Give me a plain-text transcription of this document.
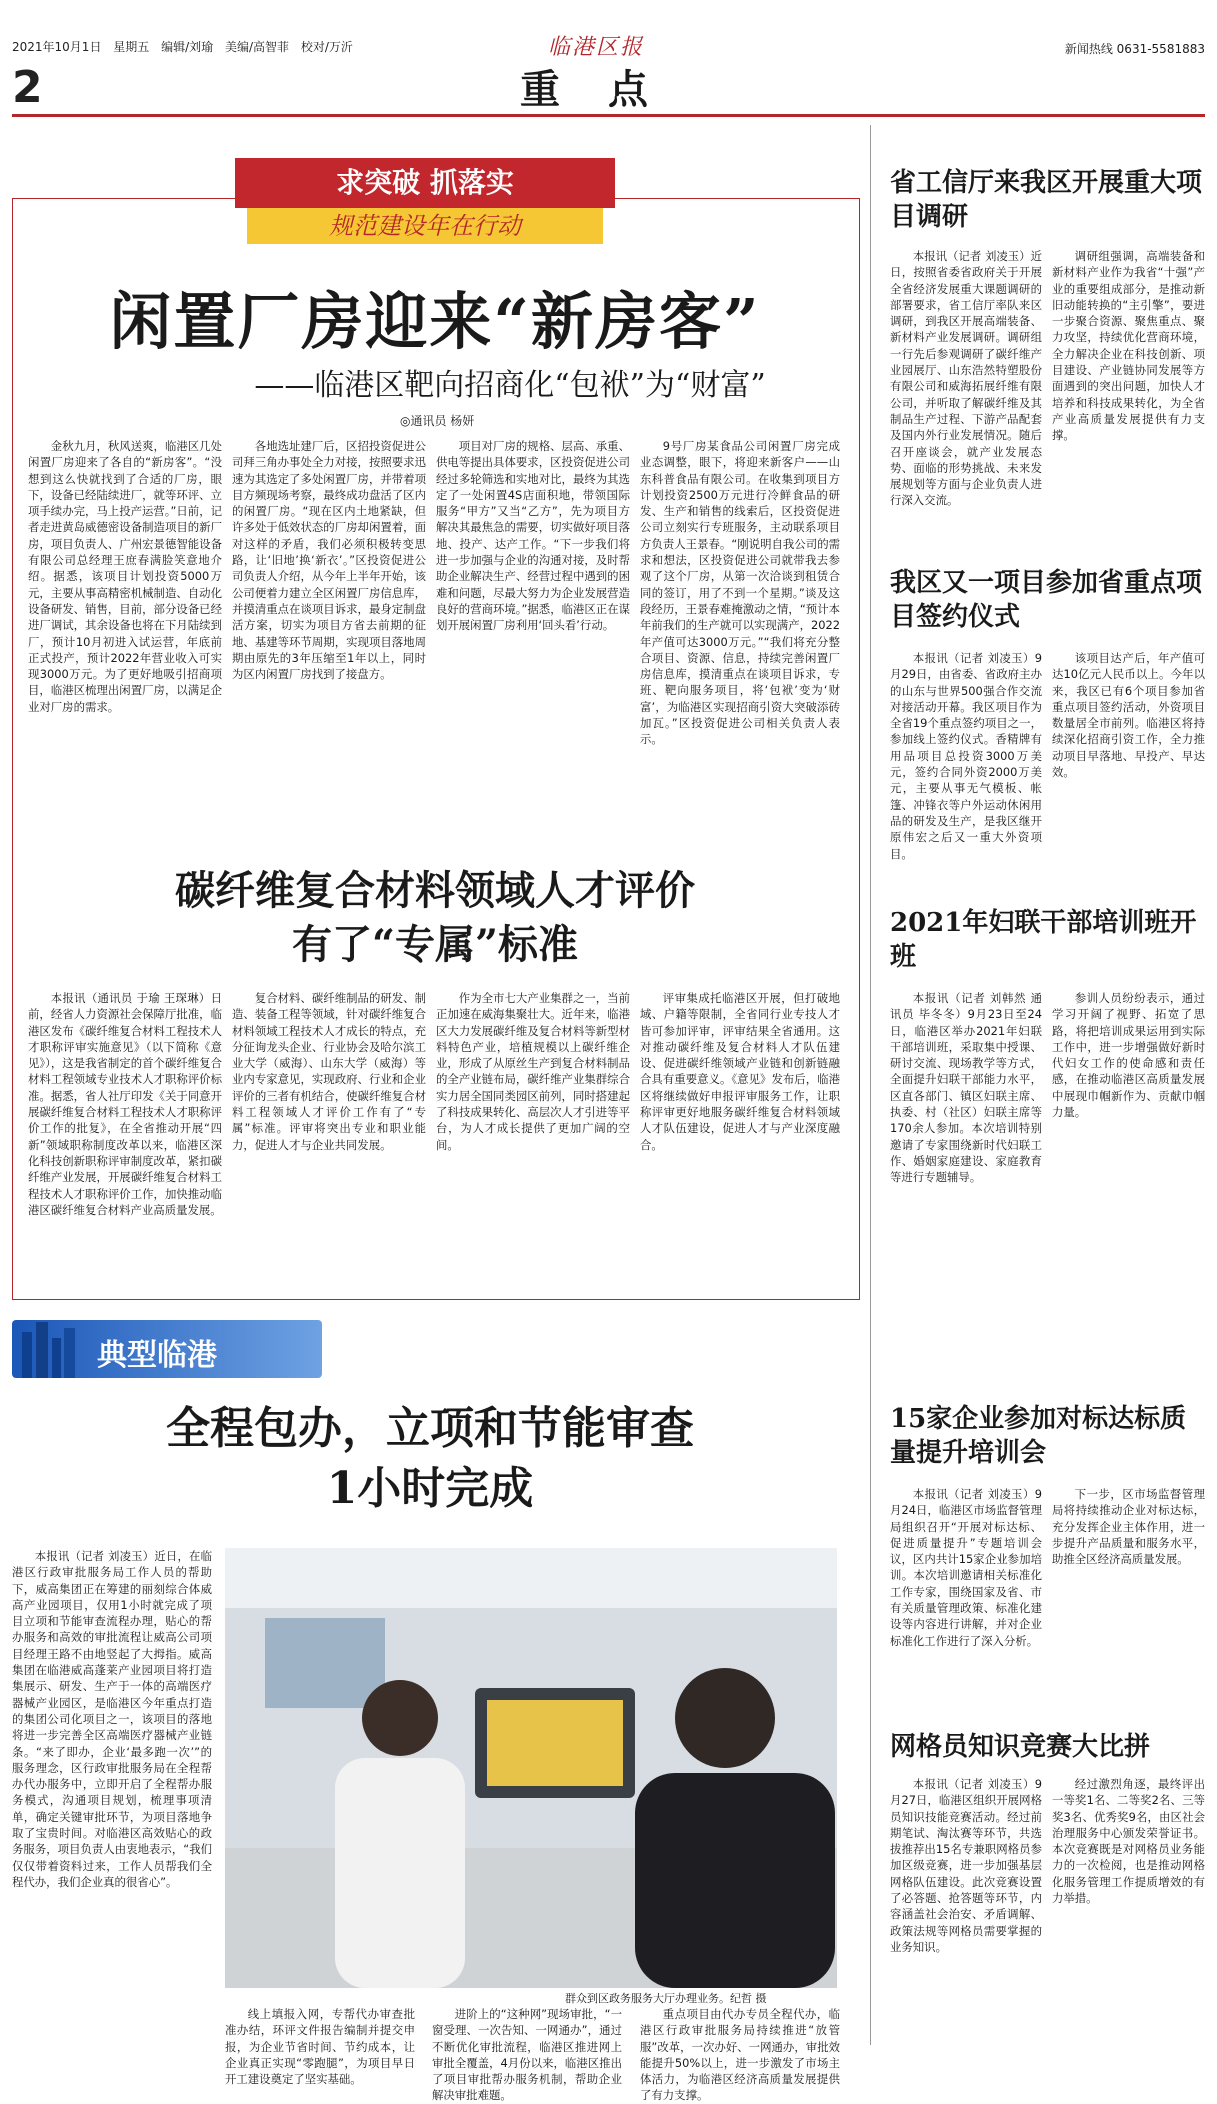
2021年10月1日 星期五 编辑/刘瑜 美编/高智菲 校对/万沂	临港区报	新闻热线 0631-5581883
2	重点
求突破 抓落实
规范建设年在行动
闲置厂房迎来“新房客”
——临港区靶向招商化“包袱”为“财富”
◎通讯员 杨妍

金秋九月，秋风送爽，临港区几处闲置厂房迎来了各自的“新房客”。“没想到这么快就找到了合适的厂房，眼下，设备已经陆续进厂，就等环评、立项手续办完，马上投产运营。”日前，记者走进黄岛威德密设备制造项目的新厂房，项目负责人、广州宏景德智能设备有限公司总经理王庶春满脸笑意地介绍。据悉，该项目计划投资5000万元，主要从事高精密机械制造、自动化设备研发、销售，目前，部分设备已经进厂调试，其余设备也将在下月陆续到厂，预计10月初进入试运营，年底前正式投产，预计2022年营业收入可实现3000万元。为了更好地吸引招商项目，临港区梳理出闲置厂房，以满足企业对厂房的需求。

各地选址建厂后，区招投资促进公司拜三角办事处全力对接，按照要求迅速为其选定了多处闲置厂房，并带着项目方频现场考察，最终成功盘活了区内的闲置厂房。“现在区内土地紧缺，但许多处于低效状态的厂房却闲置着，面对这样的矛盾，我们必须积极转变思路，让‘旧地’换‘新衣’。”区投资促进公司负责人介绍，从今年上半年开始，该公司便着力建立全区闲置厂房信息库，并摸清重点在谈项目诉求，最身定制盘活方案，切实为项目方省去前期的征地、基建等环节周期，实现项目落地周期由原先的3年压缩至1年以上，同时为区内闲置厂房找到了接盘方。

项目对厂房的规格、层高、承重、供电等提出具体要求，区投资促进公司经过多轮筛选和实地对比，最终为其选定了一处闲置4S店面积地，带领国际服务“甲方”又当“乙方”，先为项目方解决其最焦急的需要，切实做好项目落地、投产、达产工作。“下一步我们将进一步加强与企业的沟通对接，及时帮助企业解决生产、经营过程中遇到的困难和问题，尽最大努力为企业发展营造良好的营商环境。”据悉，临港区正在谋划开展闲置厂房利用‘回头看’行动。

9号厂房某食品公司闲置厂房完成业态调整，眼下，将迎来新客户——山东科普食品有限公司。在收集到项目方计划投资2500万元进行冷鲜食品的研发、生产和销售的线索后，区投资促进公司立刻实行专班服务，主动联系项目方负责人王景春。“刚说明自我公司的需求和想法，区投资促进公司就带我去参观了这个厂房，从第一次洽谈到租赁合同的签订，用了不到一个星期。”谈及这段经历，王景春难掩激动之情，“预计本年前我们的生产就可以实现满产，2022年产值可达3000万元。”“我们将充分整合项目、资源、信息，持续完善闲置厂房信息库，摸清重点在谈项目诉求，专班、靶向服务项目，将‘包袱’变为‘财富’，为临港区实现招商引资大突破添砖加瓦。”区投资促进公司相关负责人表示。

碳纤维复合材料领域人才评价
有了“专属”标准

本报讯（通讯员 于瑜 王琛琳）日前，经省人力资源社会保障厅批准，临港区发布《碳纤维复合材料工程技术人才职称评审实施意见》（以下简称《意见》），这是我省制定的首个碳纤维复合材料工程领域专业技术人才职称评价标准。据悉，省人社厅印发《关于同意开展碳纤维复合材料工程技术人才职称评价工作的批复》，在全省推动开展“四新”领域职称制度改革以来，临港区深化科技创新职称评审制度改革，紧扣碳纤维产业发展，开展碳纤维复合材料工程技术人才职称评价工作，加快推动临港区碳纤维复合材料产业高质量发展。

复合材料、碳纤维制品的研发、制造、装备工程等领域，针对碳纤维复合材料领域工程技术人才成长的特点，充分征询龙头企业、行业协会及哈尔滨工业大学（威海）、山东大学（威海）等业内专家意见，实现政府、行业和企业评价的三者有机结合，使碳纤维复合材料工程领域人才评价工作有了“专属”标准。评审将突出专业和职业能力，促进人才与企业共同发展。

作为全市七大产业集群之一，当前正加速在威海集聚壮大。近年来，临港区大力发展碳纤维及复合材料等新型材料特色产业，培植规模以上碳纤维企业，形成了从原丝生产到复合材料制品的全产业链布局，碳纤维产业集群综合实力居全国同类园区前列，同时搭建起了科技成果转化、高层次人才引进等平台，为人才成长提供了更加广阔的空间。

评审集成托临港区开展，但打破地域、户籍等限制，全省同行业专技人才皆可参加评审，评审结果全省通用。这对推动碳纤维及复合材料人才队伍建设、促进碳纤维领域产业链和创新链融合具有重要意义。《意见》发布后，临港区将继续做好申报评审服务工作，让职称评审更好地服务碳纤维复合材料领域人才队伍建设，促进人才与产业深度融合。

典型临港
全程包办，立项和节能审查
1小时完成

本报讯（记者 刘凌玉）近日，在临港区行政审批服务局工作人员的帮助下，威高集团正在筹建的丽刻综合体威高产业园项目，仅用1小时就完成了项目立项和节能审查流程办理，贴心的帮办服务和高效的审批流程让威高公司项目经理王路不由地竖起了大拇指。威高集团在临港威高蓬莱产业园项目将打造集展示、研发、生产于一体的高端医疗器械产业园区，是临港区今年重点打造的集团公司化项目之一，该项目的落地将进一步完善全区高端医疗器械产业链条。“来了即办，企业‘最多跑一次’”的服务理念，区行政审批服务局在全程帮办代办服务中，立即开启了全程帮办服务模式，沟通项目规划，梳理事项清单，确定关键审批环节，为项目落地争取了宝贵时间。对临港区高效贴心的政务服务，项目负责人由衷地表示，“我们仅仅带着资料过来，工作人员帮我们全程代办，我们企业真的很省心”。

群众到区政务服务大厅办理业务。纪哲 摄

线上填报入网，专帮代办审查批准办结，环评文件报告编制并提交申报，为企业节省时间、节约成本，让企业真正实现“零跑腿”，为项目早日开工建设奠定了坚实基础。

进阶上的“这种网”现场审批，“一窗受理、一次告知、一网通办”，通过不断优化审批流程，临港区推进网上审批全覆盖，4月份以来，临港区推出了项目审批帮办服务机制，帮助企业解决审批难题。

重点项目由代办专员全程代办，临港区行政审批服务局持续推进“放管服”改革，一次办好、一网通办，审批效能提升50%以上，进一步激发了市场主体活力，为临港区经济高质量发展提供了有力支撑。

省工信厅来我区开展重大项目调研

本报讯（记者 刘凌玉）近日，按照省委省政府关于开展全省经济发展重大课题调研的部署要求，省工信厅率队来区调研，到我区开展高端装备、新材料产业发展调研。调研组一行先后参观调研了碳纤维产业园展厅、山东浩然特塑股份有限公司和威海拓展纤维有限公司，并听取了解碳纤维及其制品生产过程、下游产品配套及国内外行业发展情况。随后召开座谈会，就产业发展态势、面临的形势挑战、未来发展规划等方面与企业负责人进行深入交流。

调研组强调，高端装备和新材料产业作为我省“十强”产业的重要组成部分，是推动新旧动能转换的“主引擎”，要进一步聚合资源、聚焦重点、聚力攻坚，持续优化营商环境，全力解决企业在科技创新、项目建设、产业链协同发展等方面遇到的突出问题，加快人才培养和科技成果转化，为全省产业高质量发展提供有力支撑。

我区又一项目参加省重点项目签约仪式

本报讯（记者 刘凌玉）9月29日，由省委、省政府主办的山东与世界500强合作交流对接活动开幕。我区项目作为全省19个重点签约项目之一，参加线上签约仪式。香精牌有用品项目总投资3000万美元，签约合同外资2000万美元，主要从事无气模板、帐篷、冲锋衣等户外运动休闲用品的研发及生产，是我区继开原伟宏之后又一重大外资项目。

该项目达产后，年产值可达10亿元人民币以上。今年以来，我区已有6个项目参加省重点项目签约活动，外资项目数量居全市前列。临港区将持续深化招商引资工作，全力推动项目早落地、早投产、早达效。

2021年妇联干部培训班开班

本报讯（记者 刘韩然 通讯员 毕冬冬）9月23日至24日，临港区举办2021年妇联干部培训班，采取集中授课、研讨交流、现场教学等方式，全面提升妇联干部能力水平，区直各部门、镇区妇联主席、执委、村（社区）妇联主席等170余人参加。本次培训特别邀请了专家围绕新时代妇联工作、婚姻家庭建设、家庭教育等进行专题辅导。

参训人员纷纷表示，通过学习开阔了视野、拓宽了思路，将把培训成果运用到实际工作中，进一步增强做好新时代妇女工作的使命感和责任感，在推动临港区高质量发展中展现巾帼新作为、贡献巾帼力量。

15家企业参加对标达标质量提升培训会

本报讯（记者 刘凌玉）9月24日，临港区市场监督管理局组织召开“开展对标达标、促进质量提升”专题培训会议，区内共计15家企业参加培训。本次培训邀请相关标准化工作专家，围绕国家及省、市有关质量管理政策、标准化建设等内容进行讲解，并对企业标准化工作进行了深入分析。

下一步，区市场监督管理局将持续推动企业对标达标，充分发挥企业主体作用，进一步提升产品质量和服务水平，助推全区经济高质量发展。

网格员知识竞赛大比拼

本报讯（记者 刘凌玉）9月27日，临港区组织开展网格员知识技能竞赛活动。经过前期笔试、淘汰赛等环节，共选拔推荐出15名专兼职网格员参加区级竞赛，进一步加强基层网格队伍建设。此次竞赛设置了必答题、抢答题等环节，内容涵盖社会治安、矛盾调解、政策法规等网格员需要掌握的业务知识。

经过激烈角逐，最终评出一等奖1名、二等奖2名、三等奖3名、优秀奖9名，由区社会治理服务中心颁发荣誉证书。本次竞赛既是对网格员业务能力的一次检阅，也是推动网格化服务管理工作提质增效的有力举措。
